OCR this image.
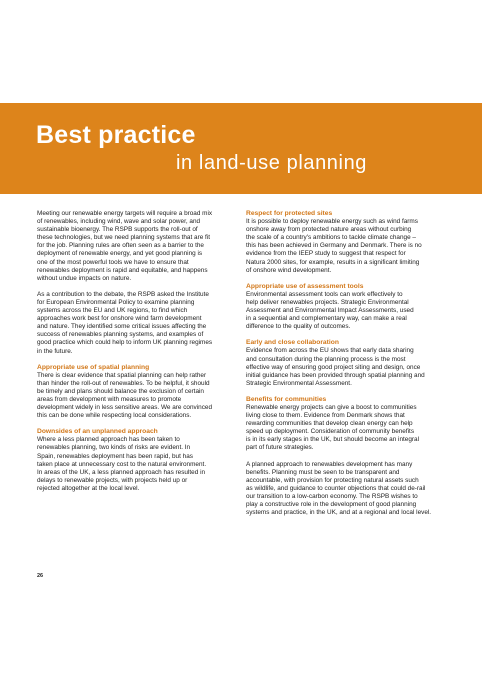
Best practice
in land-use planning

Meeting our renewable energy targets will require a broad mix
of renewables, including wind, wave and solar power, and
sustainable bioenergy. The RSPB supports the roll-out of
these technologies, but we need planning systems that are fit
for the job. Planning rules are often seen as a barrier to the
deployment of renewable energy, and yet good planning is
one of the most powerful tools we have to ensure that
renewables deployment is rapid and equitable, and happens
without undue impacts on nature.

As a contribution to the debate, the RSPB asked the Institute
for European Environmental Policy to examine planning
systems across the EU and UK regions, to find which
approaches work best for onshore wind farm development
and nature. They identified some critical issues affecting the
success of renewables planning systems, and examples of
good practice which could help to inform UK planning regimes
in the future.

Appropriate use of spatial planning

There is clear evidence that spatial planning can help rather
than hinder the roll-out of renewables. To be helpful, it should
be timely and plans should balance the exclusion of certain
areas from development with measures to promote
development widely in less sensitive areas. We are convinced
this can be done while respecting local considerations.

Downsides of an unplanned approach

Where a less planned approach has been taken to
renewables planning, two kinds of risks are evident. In
Spain, renewables deployment has been rapid, but has
taken place at unnecessary cost to the natural environment.
In areas of the UK, a less planned approach has resulted in
delays to renewable projects, with projects held up or
rejected altogether at the local level.

Respect for protected sites

It is possible to deploy renewable energy such as wind farms
onshore away from protected nature areas without curbing
the scale of a country's ambitions to tackle climate change –
this has been achieved in Germany and Denmark. There is no
evidence from the IEEP study to suggest that respect for
Natura 2000 sites, for example, results in a significant limiting
of onshore wind development.

Appropriate use of assessment tools

Environmental assessment tools can work effectively to
help deliver renewables projects. Strategic Environmental
Assessment and Environmental Impact Assessments, used
in a sequential and complementary way, can make a real
difference to the quality of outcomes.

Early and close collaboration

Evidence from across the EU shows that early data sharing
and consultation during the planning process is the most
effective way of ensuring good project siting and design, once
initial guidance has been provided through spatial planning and
Strategic Environmental Assessment.

Benefits for communities

Renewable energy projects can give a boost to communities
living close to them. Evidence from Denmark shows that
rewarding communities that develop clean energy can help
speed up deployment. Consideration of community benefits
is in its early stages in the UK, but should become an integral
part of future strategies.

A planned approach to renewables development has many
benefits. Planning must be seen to be transparent and
accountable, with provision for protecting natural assets such
as wildlife, and guidance to counter objections that could de-rail
our transition to a low-carbon economy. The RSPB wishes to
play a constructive role in the development of good planning
systems and practice, in the UK, and at a regional and local level.

26
